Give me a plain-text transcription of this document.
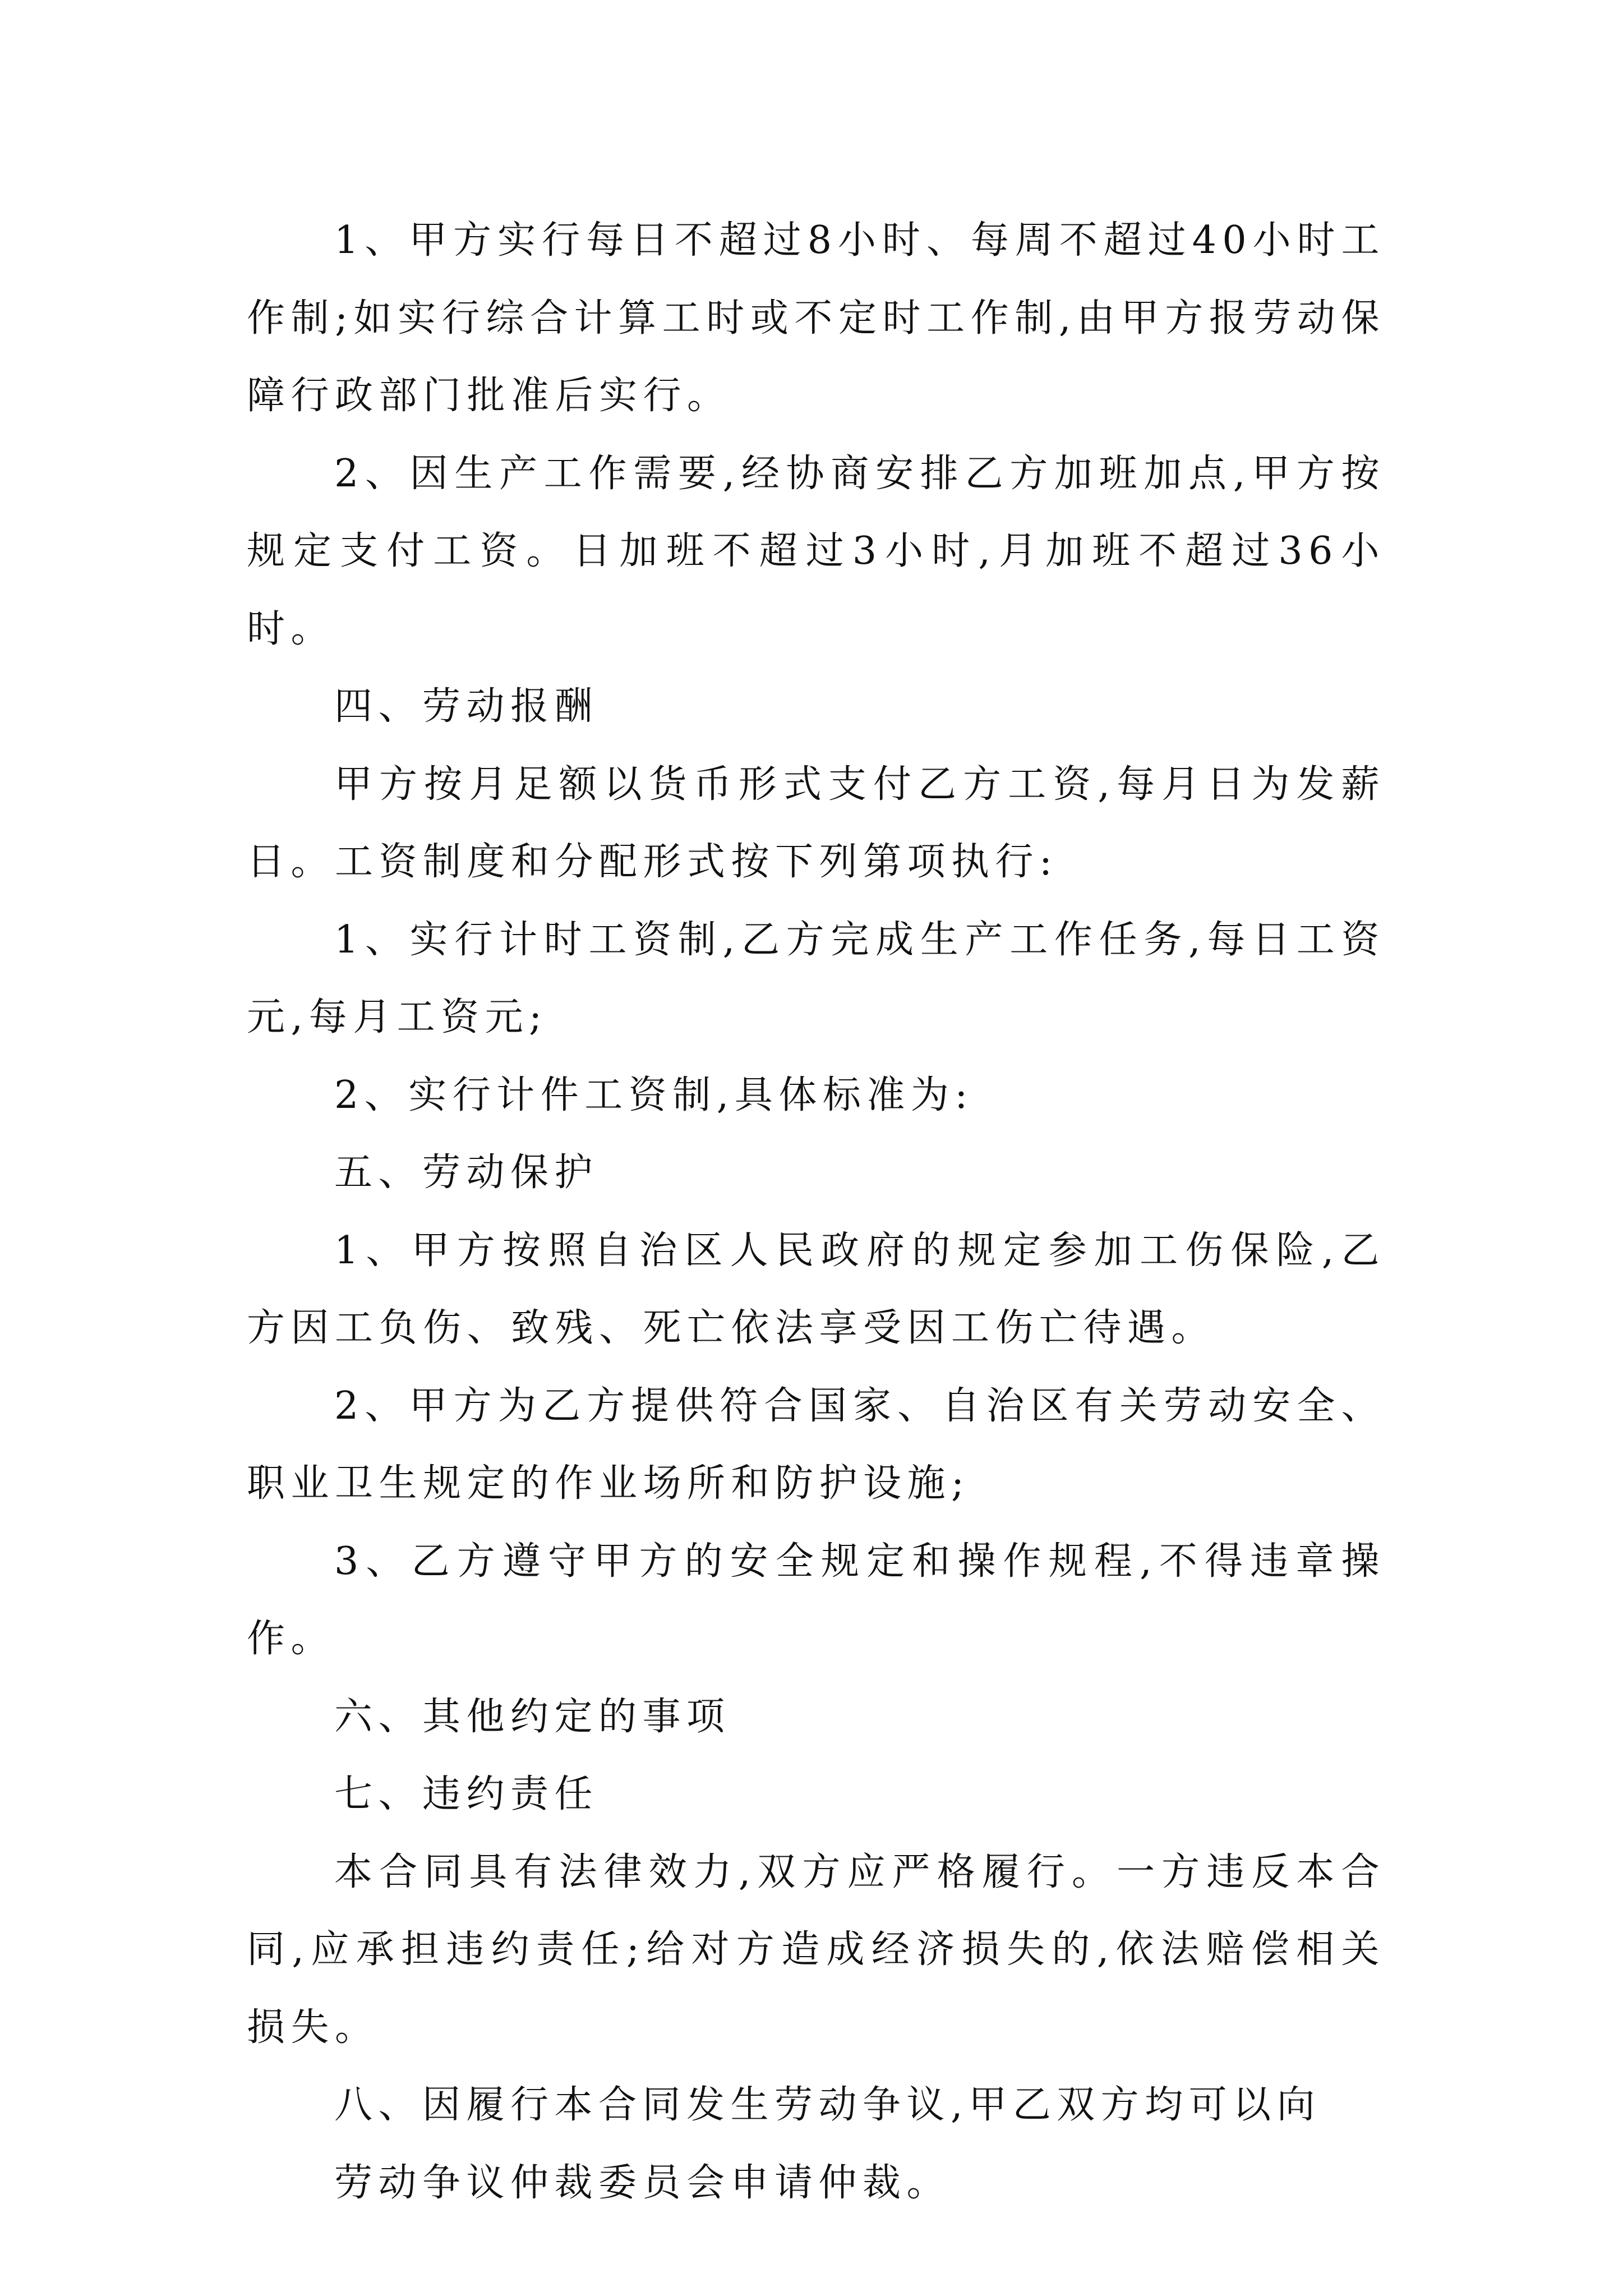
1、甲方实行每日不超过8小时、每周不超过40小时工作制;如实行综合计算工时或不定时工作制,由甲方报劳动保障行政部门批准后实行。

2、因生产工作需要,经协商安排乙方加班加点,甲方按规定支付工资。日加班不超过3小时,月加班不超过36小时。

四、劳动报酬

甲方按月足额以货币形式支付乙方工资,每月日为发薪日。工资制度和分配形式按下列第项执行:

1、实行计时工资制,乙方完成生产工作任务,每日工资元,每月工资元;

2、实行计件工资制,具体标准为:

五、劳动保护

1、甲方按照自治区人民政府的规定参加工伤保险,乙方因工负伤、致残、死亡依法享受因工伤亡待遇。

2、甲方为乙方提供符合国家、自治区有关劳动安全、职业卫生规定的作业场所和防护设施;

3、乙方遵守甲方的安全规定和操作规程,不得违章操作。

六、其他约定的事项

七、违约责任

本合同具有法律效力,双方应严格履行。一方违反本合同,应承担违约责任;给对方造成经济损失的,依法赔偿相关损失。

八、因履行本合同发生劳动争议,甲乙双方均可以向

劳动争议仲裁委员会申请仲裁。
